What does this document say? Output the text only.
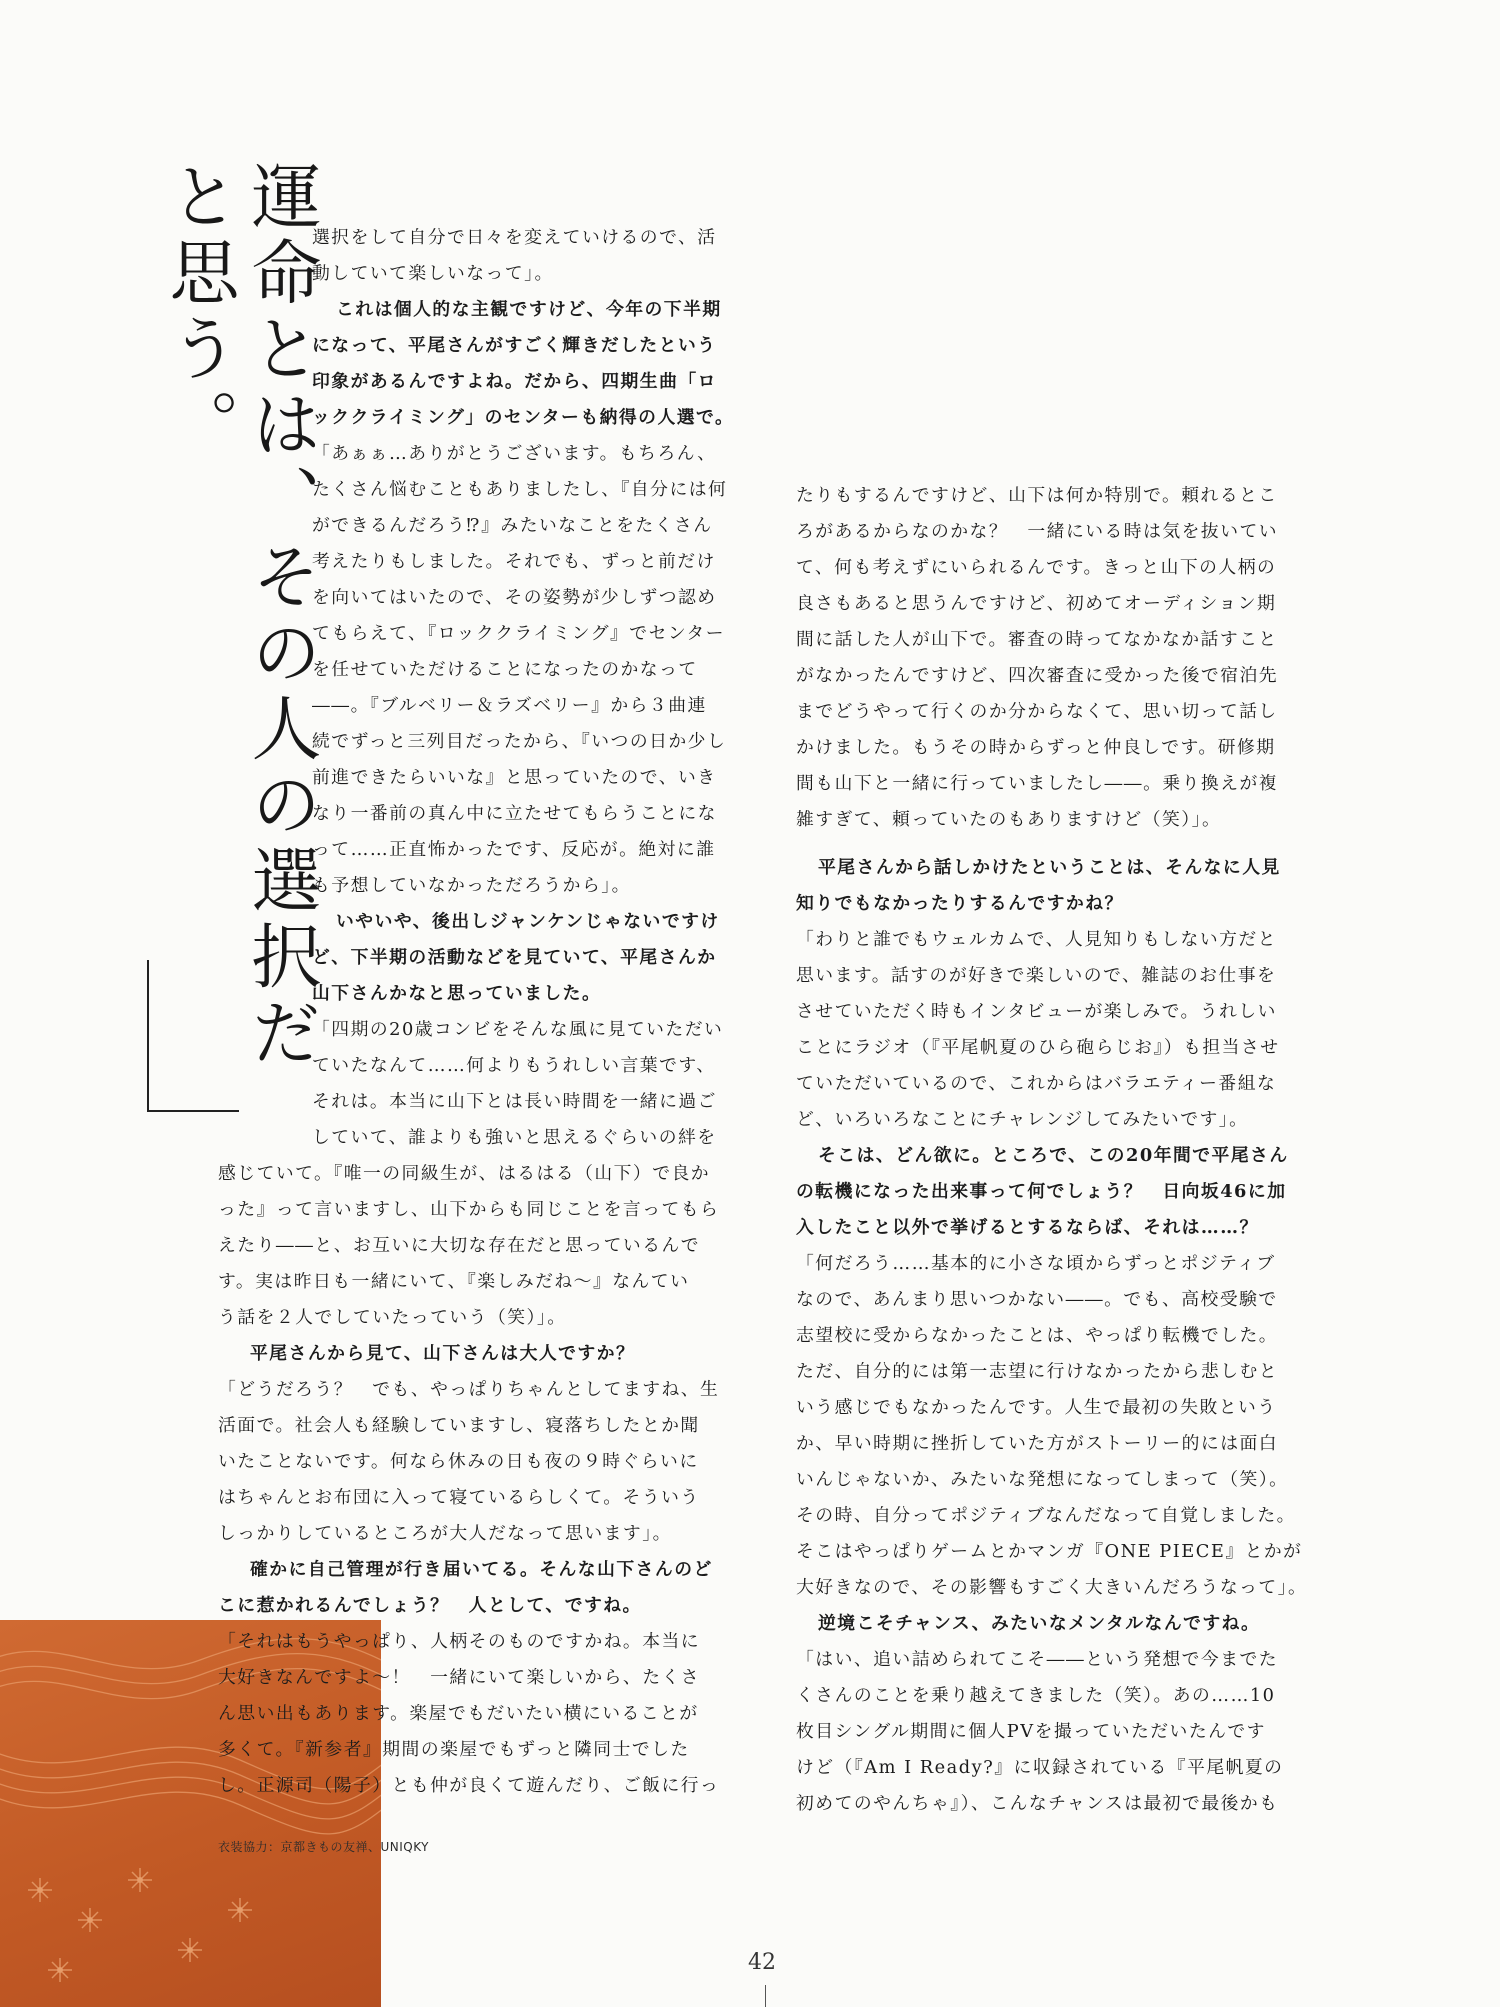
運命とは、その人の選択だと思う。	選択をして自分で日々を変えていけるので、活
動していて楽しいなって」。
これは個人的な主観ですけど、今年の下半期
になって、平尾さんがすごく輝きだしたという
印象があるんですよね。だから、四期生曲「ロ
ッククライミング」のセンターも納得の人選で。
「あぁぁ…ありがとうございます。もちろん、
たくさん悩むこともありましたし、『自分には何
ができるんだろう⁉』みたいなことをたくさん
考えたりもしました。それでも、ずっと前だけ
を向いてはいたので、その姿勢が少しずつ認め
てもらえて、『ロッククライミング』でセンター
を任せていただけることになったのかなって
――。『ブルベリー＆ラズベリー』から３曲連
続でずっと三列目だったから、『いつの日か少し
前進できたらいいな』と思っていたので、いき
なり一番前の真ん中に立たせてもらうことにな
って……正直怖かったです、反応が。絶対に誰
も予想していなかっただろうから」。
いやいや、後出しジャンケンじゃないですけ
ど、下半期の活動などを見ていて、平尾さんか
山下さんかなと思っていました。
「四期の20歳コンビをそんな風に見ていただい
ていたなんて……何よりもうれしい言葉です、
それは。本当に山下とは長い時間を一緒に過ご
していて、誰よりも強いと思えるぐらいの絆を
感じていて。『唯一の同級生が、はるはる（山下）で良か
った』って言いますし、山下からも同じことを言ってもら
えたり――と、お互いに大切な存在だと思っているんで
す。実は昨日も一緒にいて、『楽しみだね～』なんてい
う話を２人でしていたっていう（笑）」。
平尾さんから見て、山下さんは大人ですか？
「どうだろう？　でも、やっぱりちゃんとしてますね、生
活面で。社会人も経験していますし、寝落ちしたとか聞
いたことないです。何なら休みの日も夜の９時ぐらいに
はちゃんとお布団に入って寝ているらしくて。そういう
しっかりしているところが大人だなって思います」。
確かに自己管理が行き届いてる。そんな山下さんのど
こに惹かれるんでしょう？　人として、ですね。
「それはもうやっぱり、人柄そのものですかね。本当に
大好きなんですよ～！　一緒にいて楽しいから、たくさ
ん思い出もあります。楽屋でもだいたい横にいることが
多くて。『新参者』期間の楽屋でもずっと隣同士でした
し。正源司（陽子）とも仲が良くて遊んだり、ご飯に行っ
たりもするんですけど、山下は何か特別で。頼れるとこ
ろがあるからなのかな？　一緒にいる時は気を抜いてい
て、何も考えずにいられるんです。きっと山下の人柄の
良さもあると思うんですけど、初めてオーディション期
間に話した人が山下で。審査の時ってなかなか話すこと
がなかったんですけど、四次審査に受かった後で宿泊先
までどうやって行くのか分からなくて、思い切って話し
かけました。もうその時からずっと仲良しです。研修期
間も山下と一緒に行っていましたし――。乗り換えが複
雑すぎて、頼っていたのもありますけど（笑）」。
平尾さんから話しかけたということは、そんなに人見
知りでもなかったりするんですかね？
「わりと誰でもウェルカムで、人見知りもしない方だと
思います。話すのが好きで楽しいので、雑誌のお仕事を
させていただく時もインタビューが楽しみで。うれしい
ことにラジオ（『平尾帆夏のひら砲らじお』）も担当させ
ていただいているので、これからはバラエティー番組な
ど、いろいろなことにチャレンジしてみたいです」。
そこは、どん欲に。ところで、この20年間で平尾さん
の転機になった出来事って何でしょう？　日向坂46に加
入したこと以外で挙げるとするならば、それは……？
「何だろう……基本的に小さな頃からずっとポジティブ
なので、あんまり思いつかない――。でも、高校受験で
志望校に受からなかったことは、やっぱり転機でした。
ただ、自分的には第一志望に行けなかったから悲しむと
いう感じでもなかったんです。人生で最初の失敗という
か、早い時期に挫折していた方がストーリー的には面白
いんじゃないか、みたいな発想になってしまって（笑）。
その時、自分ってポジティブなんだなって自覚しました。
そこはやっぱりゲームとかマンガ『ONE PIECE』とかが
大好きなので、その影響もすごく大きいんだろうなって」。
逆境こそチャンス、みたいなメンタルなんですね。
「はい、追い詰められてこそ――という発想で今までた
くさんのことを乗り越えてきました（笑）。あの……10
枚目シングル期間に個人PVを撮っていただいたんです
けど（『Am I Ready?』に収録されている『平尾帆夏の
初めてのやんちゃ』）、こんなチャンスは最初で最後かも
衣装協力：京都きもの友禅、UNIQKY
42
